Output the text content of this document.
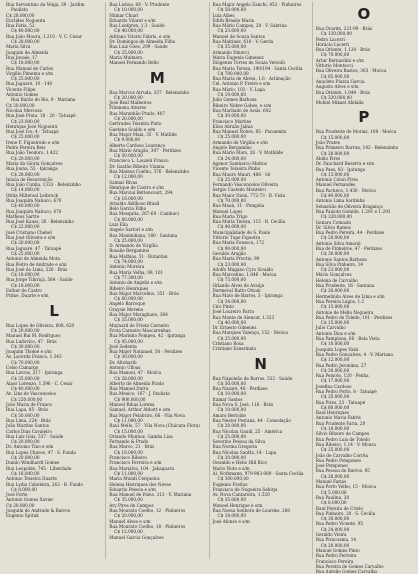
Rua Serventino da Veiga, 39 · Jardim
Paulista
C$ 28.000,00
Euclides Nogueira
Rua Faria, 52
C$ 40.000,00
Rua João Moura, 1.210 · V. C. Cesar
C$ 28.000,00
Maria Silva
Joaquim de Almeida
Rua Javaés, 17
C$ 18.000,00
Rua Manuel de Carlos
Virgílio Pimenta e s/m
C$ 25.000,00
Rua Jaguaré, 10 · 140
Vicente Filipe
Antonio Gomes
Rua Barão do Rio, 9 · Mariana
C$ 20.000,00
Nicolau Mercosa
Rua José Prata, 18 · 20 · Tatuapé
C$ 23.000,00
Henrique José Nogueira
Rua José Ivo, 4 · Tatuapé
C$ 25.000,00
Irene F. Figueiredo e s/m
Pedro Pereira Reis
Rua João Teodoro, 1.422
C$ 20.000,00
Maria da Gloria Gonçalves
Rua Joana, 55 · Ipiranga
C$ 28.000,00
Inácia de Resurreição
Rua João Cunha, 1333 · Belenzinho
C$ 14.000,00
Otilia Miltersal Leibrock
Rua Joaquim Nabuco, 670
C$ 40.000,00
Rua Joaquim Nabuco, 670
Matheus Sartre
Rua José Kauss, 26 · Belenzinho
C$ 22.000,00
José Cristiano Chebel
Rua José Oliveira e s/m
C$ 20.000,00
Rua Jaguaré, 47 · Tatuapé
C$ 25.000,00
Antonio de Almeida Mota
Rua Pedro de Andrade e s/m
Rua José da Lima, 226 · Brás
C$ 18.000,00
Rua Jorge Tibiriçá, 584 · Saúde
C$ 18.000,00
Esther de Castro
Prime, Duarte e s/m
L
Rua Lopes de Oliveira, 608, 620
C$ 20.000,00
Manuel Rui M. Rodrigues
Rua Ludovico, 47 · Brás
C$ 30.000,00
Joaquim Thomé e s/m
Av. Lacerda Franco, 1.343
C$ 70.000,00
Celso Camargo
Rua Lavras, 217 · Ipiranga
C$ 35.000,00
Alaor Lorenzo, 1.396 · C. Cesar
C$ 40.000,00
Av. Lins de Vasconcelos
C$ 220.000,00
João Maria de Franco
Rua Lapa, 85 · Brás
C$ 50.000,00
Rua Lima, 224 · Brás
João Martins Santos
Carlos Dias Cavaleiro
Rua Luiz Góis, 537 · Saúde
C$ 20.000,00
Dr. Antonio Tino e s/m
Rua Lopes Chaves, 47 · S. Funda
C$ 20.000,00
Danilo Windhardt Gomes
Rua Leopoldo, 745 · Liberdade
C$ 16.000,00
Antonio Teixeira Duarte
Rua Lydia Cabeleira, 263 · B. Fundo
C$ 8.000,00
José Forte
Antonio Gomes Xavier
C$ 20.000,00
Joaquim de Andrade & Barros
Eugenio Spirak
Rua Lisboa, 68 · V. Prudente
C$ 10.000,00
Nilmar Chiari
Eduardo Vilaret e s/m
Rua Loefgren, 1,3 · Saúde
C$ 40.000,00
Adriano Vitorio Fabris, e s/m
Dr. Domingos de Almeida Filho
Rua Luiz Góes, 299 · Saúde
C$ 25.000,00
Maria Mulmera
Manoel Fernando Bello
M
Rua Marcos Arruda, 337 · Belenzinho
C$ 20.000,00
José Real Malheiros
Filomena Alvares
Rua Maranhão Prado, 407
C$ 20.000,00
Gertrudes Teixeira Pinto
Gaetano Scaldo e s/m
Rua Major Maia, 35 · V. Matilde
C$ 9.000,00
Alberto Cardoso Lourenço
Rua Mário Aragão, 307 · Perdizes
C$ 30.000,00
Francisco L. Louzeli Franco
Dr. Gastão Ribeiro Vianna
Rua Mateus Coelho, 376 · Belenzinho
C$ 12.000,00
Salmar Rivas
Henrique de Castro e s/m
Rua Marcial Bettencourt, 294
C$ 18.000,00
Arnaldo Abilhoso Brasil
Belo Garcia Filho
Rua Mesquita, 267-69 · Cambuci
C$ 80.000,00
Luiz Elia
Angelo Sartori e s/m
Rua Maximiliano, 180 · Santana
C$ 25.000,00
D. Armando de Virgílio
Rosalie Bergamino
Rua Mathias, 51 · Butantan
C$ 74.000,00
Antonio Moreira
Rua Maria Velha, 99, 101
C$ 77.300,00
Antonio de Angelis e s/m
Ribeiro Henriques
Rua Major Marcelino, 351 · Brás
C$ 60.000,00
Angelo Barroque
Graysie Moreno
Rua Major Maragliano, 364
C$ 35.000,00
Maynard de Frieta Carneiro
Frota Carneiro Mascarenhas
Rua Marinho Pompeu, 42 · Ipiranga
C$ 45.000,00
José Sedenta
Rua Major Natanael, 50 · Perdizes
C$ 30.000,00
Dr. Altobarib
Antonio Ulloas
Rua Manuel, 47 · Moóca
C$ 28.000,00
Alberto de Almeida Prado
Rua Manuel Dutra
Rua Mexico, 167 · J. Paulista
C$ 900.000,00
Manoel Ribas Lorena
Samuel, Arthur Abbott e s/m
Rua Major Pelabriro, 66 · Vila Nova
C$ 11.000,00
Raul Mello, 57 · Vila Nova (Chácara Flora)
C$ 15.000,00
Orlando Munhoz, Gamba Lisa
Fernando & Prado
Rua Marco, 21 · Brás
C$ 18.000,00
Francisco Ribeiro
Francisco Ferreira e s/m
Rua Marialva, 104 · Jabaquara
C$ 11.000,00
Maria Mundi Cerqueira
Helena Henriques dos Neves
Eduardo Pessoa e s/m
Rua Manoel de Paiva, 313 · V. Mariana
C$ 35.000,00
Ary Pires de Campos
Rua Mourato Coelho, 12 · Pinheiros
C$ 20.000,00
Manuel Alves e s/m
Rua Mourato Coelho, 18 · Pinheiros
C$ 12.000,00
Manuel Garcia Gonçalves
Rua Major Angelo Zanchi, 452 · Pinheiros
C$ 50.000,00
Luiz Albes
Edith Brasilo Maria
Rua Mário Campos, 28 · V. Sabrina
C$ 23.000,00
Manuel de Souza Santos
Rua Maitinez, 610 · V. Gerda
C$ 35.000,00
Armando Dinorci
Maria Eugenia Gimenez
Diógenes Torres de Souza Versolli
Rua Maria Tereza, 190/194 · Santa Cecilia
C$ 700.000,00
Rua Maria de Abreu, 1.6 · Aclimação
Cel. Antonio P. Freire e s/m
Rua Mário, 103 · V. Lapa
C$ 19.000,00
Julio Gomes Barbosa
Ribeiro Nobre Gabes, e s/m
Rua Machado de Assis, 642
C$ 30.000,00
Francisco Martins
Elias Abraão Jalnia
Rua Manuel Nobre, 85 · Pacaembu
C$ 25.000,00
Armando de Virgílio e s/m
Angelo Bergamino
Rua Mário Mars, 26 · V. Mathilde
C$ 24.000,00
Agenor Sanmarco Mattos
Vicente Teixeira Pinho
Rua Mauro Mauri, 486 · Sé
C$ 25.000,00
Fernando Vasconcelos Oliveira
Sergio Castedo Monteiro
Rua Maior Dioni, 772-73 · B. Vista
C$ 70.000,00
Rua Mauá, 11 · Pompéia
Manuel Lopes
Rua Maria Trigo
Rua Maria Tereza, 115 · R. Cecilia
C$ 40.000,00
Municipalidade de S. Paulo
Vittorio Tupe Figuetra
Rua Maria Fonseca, 172
C$ 90.000,00
Geraldo Aragão
Rua Maria Proctio, 99
C$ 23.000,00
Adolfo Magano Cyro Sivaldo
Rua Marcelino, 1.046 · Moóca
C$ 75.000,00
Orlando Alves de Araújo
Dermeval Ratto Ottoni
Rua Mato de Barros, 3 · Ipiranga
C$ 34.000,00
Ciro Pinto
José Loureiro Parra
Rua Monte de Alencar, 1.323
C$ 40.000,00
Dr. Ernesto Gimenez
Rua Marques Valençu, 152 · Moóca
C$ 25.000,00
Cristiano Rosa
Cristiano Esnerinato
N
Rua Napoleão de Barros, 532 · Saúde
C$ 30.000,00
Rua Nazaré, 48 · Perdizes
C$ 10.000,00
Itamar Santos
Rua Nova S. José, 116 · Brás
C$ 10.000,00
Amaro Bertoldo
Rua Nestor Pestana, 44 · Consolação
C$ 20.000,00
Rua Nicolau Gaudi, 25 · América
C$ 25.000,00
Severino Pessoa da Silva
Rua Norma Gregoria
Rua Nicolau Sanfta, 14 · Lapa
C$ 20.000,00
Oswaldo e Helio Hill Rico
Mario Nuto e s/m
Al. Nothmann, 979-983-989 · Santa Cecilia
C$ 300.000,00
Fugienio Freitas
Francisco de Nogueira Sebirja
Av. Nova Cantareira, 1.520
C$ 35.000,00
Manoel Henrique e s/m
Rua Nossa Senhora de Lourdes, 260
C$ 18.000,00
José Afonso e s/m
O
Rua Ocarim, 221-99 · Brás
C$ 120.000,00
Pedro Lacerri
Horácio Lacerri
Rua Oriente, 1.120 · Brás
C$ 70.000,00
Artur Bernardini e s/m
Vittorio Montecci
Rua Oliveira Bastos, 363 · Moóca
C$ 85.000,00
Anacleto Piazza Garcia
Augusto Alves e s/m
Rua Oriente, 1.049 · Brás
C$ 320.000,00
Mohiel Mikael Abdalla
P
Rua Prudente de Morais, 109 · Moóca
C$ 15.000,00
João Prates
Rua Primeiro Barran, 142 · Belenzinho
C$ 28.000,00
Abilio Pires
Dr. Fauchard Bezerra e s/m
Rua Paes, 83 · Ipiranga
C$ 13.000,00
Antonio Colon Pires
Manuel Fernandes
Rua Pacheco, 1.430 · Moóca
C$ 40.000,00
Antonio Lima Sardinha
Sebastião de Oliveira Bragança
Rua Paixoto Gomide, 1.291 e 1.293
C$ 320.000,00
Genaro Comasin
Dr. Silvio Ramos
Rua Pedro Pereira, 44 · Perdizes
C$ 20.000,00
Antonio Silva Amaral
Rua de Pinheiros, 47 · Perdizes
C$ 30.000,00
Antonio Santos Barbosa
Rua Silva Pinheiro, 14
C$ 23.000,00
Mário Gonçalves
Helena de Carvalho
Rua Prudente, 16 · Santana
C$ 26.000,00
Hermelinda Alves de Lima e s/m
Rua Pereira Lagos, 1.2
C$ 15.000,00
Antonio de Mello Nogueira
Rua Pedro de Toledo, 101 · Perdizes
C$ 15.000,00
Julio Carvalho
Antonio Dias e s/m
Rua Pamplona, 66 · Bela Vista
C$ 10.000,00
Joaquim Lopes Valsi
Rua Pedro Gonçalves, 4 · V. Mariana
C$ 12.000,00
Rua Pedro Jeronimo, 27
C$ 30.000,00
Rua Peixoto, 120 · Penha
C$ 17.000,00
Josefina Cardoso
Rua Pedro Porto, 8 · Tatuapé
C$ 35.000,00
Rua Pires, 23 · Tatuapé
C$ 80.000,00
Raul Henriques
Antonio Maria Fabris
Rua Prudente Faria, 20
C$ 18.000,00
Silvio Ribeiro de Campos
Rua Pedro Luis de Toledo
Rua Ribeiro, 1.14 · V. Moura
C$ 25.000,00
João de Carvalho Corrêa
Rua Pedro Pomponeo
José Pomponeo
Rua Pessoa de Barros, 95
C$ 26.000,00
Manuel Farias
Rua Porto Velho, 15 · Moóca
C$ 5.000,00
Rua Paulina, 30
C$ 8.000,00
Raul Pereira de Cristo
Rua Pinheiro, 20 · S. Cecilia
C$ 30.000,00
Rua Pedro Vicente, 95
C$ 24.000,00
Geraldo Vieira
Rua Piracuama, 14
C$ 20.000,00
Manoel Gomes Pinto
Rua Pedro Ferreira
Francisco Pereira
Rua Pereira de Gomes Carvalho
Rua Aurelio Gomes Carvalho
